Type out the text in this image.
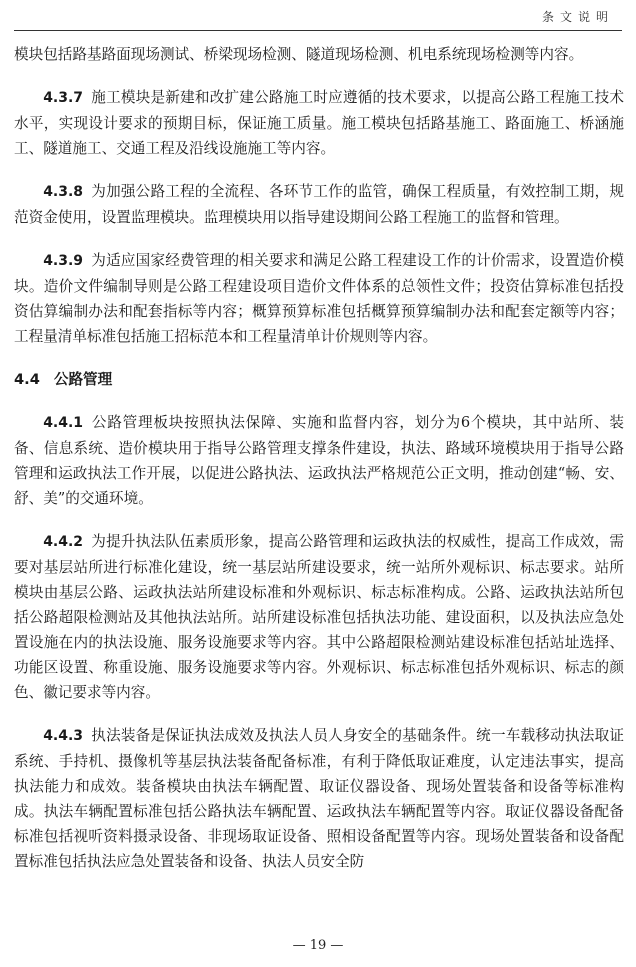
条文说明

模块包括路基路面现场测试、桥梁现场检测、隧道现场检测、机电系统现场检测等内容。

4.3.7 施工模块是新建和改扩建公路施工时应遵循的技术要求，以提高公路工程施工技术水平，实现设计要求的预期目标，保证施工质量。施工模块包括路基施工、路面施工、桥涵施工、隧道施工、交通工程及沿线设施施工等内容。

4.3.8 为加强公路工程的全流程、各环节工作的监管，确保工程质量，有效控制工期，规范资金使用，设置监理模块。监理模块用以指导建设期间公路工程施工的监督和管理。

4.3.9 为适应国家经费管理的相关要求和满足公路工程建设工作的计价需求，设置造价模块。造价文件编制导则是公路工程建设项目造价文件体系的总领性文件；投资估算标准包括投资估算编制办法和配套指标等内容；概算预算标准包括概算预算编制办法和配套定额等内容；工程量清单标准包括施工招标范本和工程量清单计价规则等内容。

4.4 公路管理

4.4.1 公路管理板块按照执法保障、实施和监督内容，划分为6个模块，其中站所、装备、信息系统、造价模块用于指导公路管理支撑条件建设，执法、路域环境模块用于指导公路管理和运政执法工作开展，以促进公路执法、运政执法严格规范公正文明，推动创建“畅、安、舒、美”的交通环境。

4.4.2 为提升执法队伍素质形象，提高公路管理和运政执法的权威性，提高工作成效，需要对基层站所进行标准化建设，统一基层站所建设要求，统一站所外观标识、标志要求。站所模块由基层公路、运政执法站所建设标准和外观标识、标志标准构成。公路、运政执法站所包括公路超限检测站及其他执法站所。站所建设标准包括执法功能、建设面积，以及执法应急处置设施在内的执法设施、服务设施要求等内容。其中公路超限检测站建设标准包括站址选择、功能区设置、称重设施、服务设施要求等内容。外观标识、标志标准包括外观标识、标志的颜色、徽记要求等内容。

4.4.3 执法装备是保证执法成效及执法人员人身安全的基础条件。统一车载移动执法取证系统、手持机、摄像机等基层执法装备配备标准，有利于降低取证难度，认定违法事实，提高执法能力和成效。装备模块由执法车辆配置、取证仪器设备、现场处置装备和设备等标准构成。执法车辆配置标准包括公路执法车辆配置、运政执法车辆配置等内容。取证仪器设备配备标准包括视听资料摄录设备、非现场取证设备、照相设备配置等内容。现场处置装备和设备配置标准包括执法应急处置装备和设备、执法人员安全防

— 19 —
